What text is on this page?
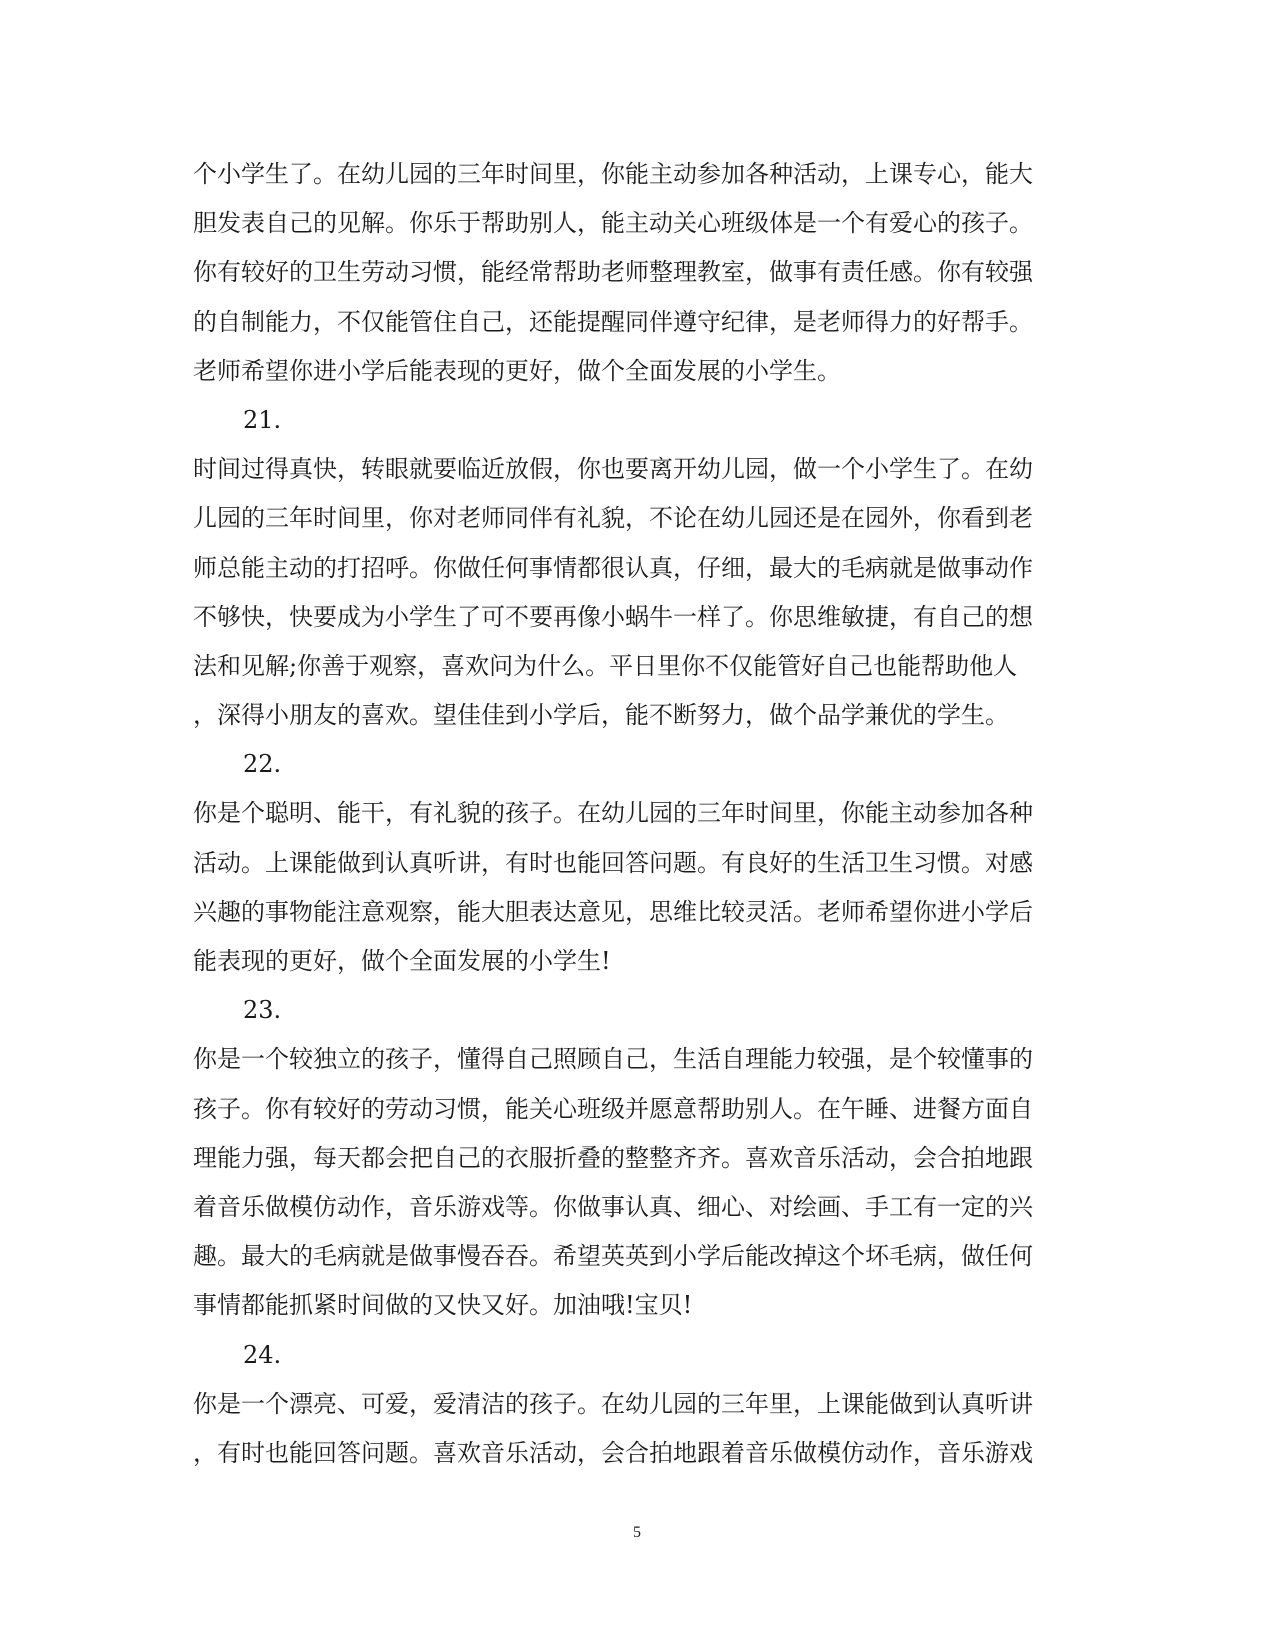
个小学生了。在幼儿园的三年时间里，你能主动参加各种活动，上课专心，能大
胆发表自己的见解。你乐于帮助别人，能主动关心班级体是一个有爱心的孩子。
你有较好的卫生劳动习惯，能经常帮助老师整理教室，做事有责任感。你有较强
的自制能力，不仅能管住自己，还能提醒同伴遵守纪律，是老师得力的好帮手。
老师希望你进小学后能表现的更好，做个全面发展的小学生。
21.
时间过得真快，转眼就要临近放假，你也要离开幼儿园，做一个小学生了。在幼
儿园的三年时间里，你对老师同伴有礼貌，不论在幼儿园还是在园外，你看到老
师总能主动的打招呼。你做任何事情都很认真，仔细，最大的毛病就是做事动作
不够快，快要成为小学生了可不要再像小蜗牛一样了。你思维敏捷，有自己的想
法和见解;你善于观察，喜欢问为什么。平日里你不仅能管好自己也能帮助他人
，深得小朋友的喜欢。望佳佳到小学后，能不断努力，做个品学兼优的学生。
22.
你是个聪明、能干，有礼貌的孩子。在幼儿园的三年时间里，你能主动参加各种
活动。上课能做到认真听讲，有时也能回答问题。有良好的生活卫生习惯。对感
兴趣的事物能注意观察，能大胆表达意见，思维比较灵活。老师希望你进小学后
能表现的更好，做个全面发展的小学生!
23.
你是一个较独立的孩子，懂得自己照顾自己，生活自理能力较强，是个较懂事的
孩子。你有较好的劳动习惯，能关心班级并愿意帮助别人。在午睡、进餐方面自
理能力强，每天都会把自己的衣服折叠的整整齐齐。喜欢音乐活动，会合拍地跟
着音乐做模仿动作，音乐游戏等。你做事认真、细心、对绘画、手工有一定的兴
趣。最大的毛病就是做事慢吞吞。希望英英到小学后能改掉这个坏毛病，做任何
事情都能抓紧时间做的又快又好。加油哦!宝贝!
24.
你是一个漂亮、可爱，爱清洁的孩子。在幼儿园的三年里，上课能做到认真听讲
，有时也能回答问题。喜欢音乐活动，会合拍地跟着音乐做模仿动作，音乐游戏
5
